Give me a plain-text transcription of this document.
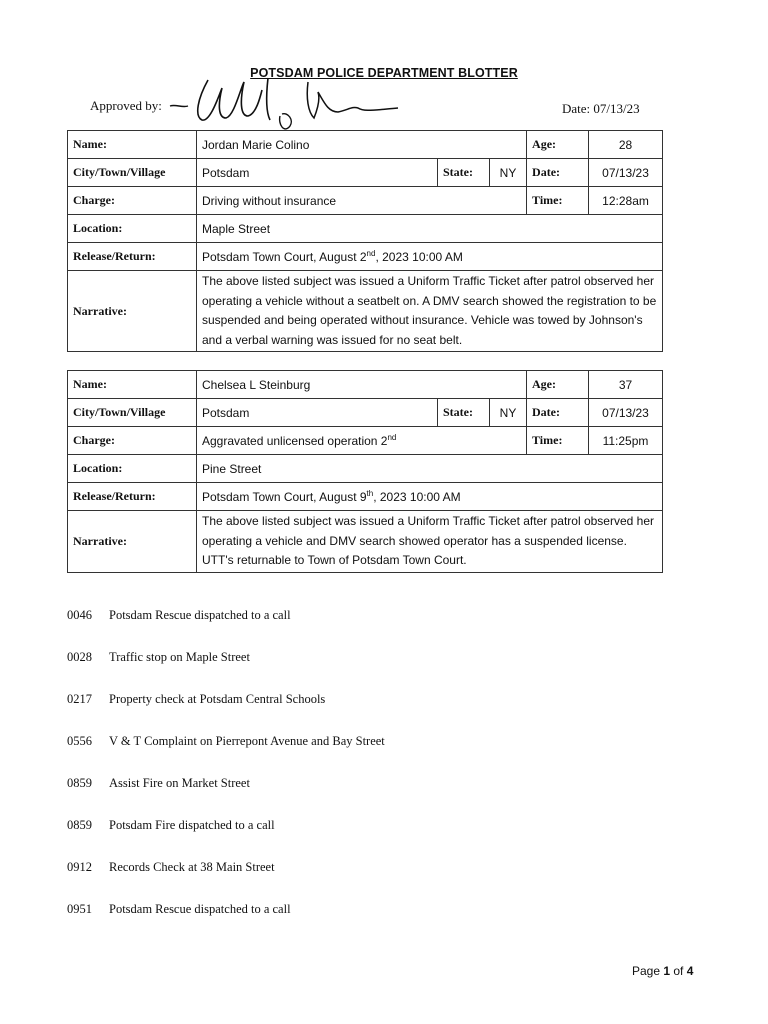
POTSDAM POLICE DEPARTMENT BLOTTER
Approved by:	Date: 07/13/23
Name:	Jordan Marie Colino			Age:	28
City/Town/Village	Potsdam	State:	NY	Date:	07/13/23
Charge:	Driving without insurance			Time:	12:28am
Location:	Maple Street				
Release/Return:	Potsdam Town Court, August 2nd, 2023 10:00 AM				
Narrative:	The above listed subject was issued a Uniform Traffic Ticket after patrol observed her operating a vehicle without a seatbelt on. A DMV search showed the registration to be suspended and being operated without insurance. Vehicle was towed by Johnson's and a verbal warning was issued for no seat belt.				
Name:	Chelsea L Steinburg			Age:	37
City/Town/Village	Potsdam	State:	NY	Date:	07/13/23
Charge:	Aggravated unlicensed operation 2nd			Time:	11:25pm
Location:	Pine Street				
Release/Return:	Potsdam Town Court, August 9th, 2023 10:00 AM				
Narrative:	The above listed subject was issued a Uniform Traffic Ticket after patrol observed her operating a vehicle and DMV search showed operator has a suspended license. UTT's returnable to Town of Potsdam Town Court.				
0046	Potsdam Rescue dispatched to a call
0028	Traffic stop on Maple Street
0217	Property check at Potsdam Central Schools
0556	V & T Complaint on Pierrepont Avenue and Bay Street
0859	Assist Fire on Market Street
0859	Potsdam Fire dispatched to a call
0912	Records Check at 38 Main Street
0951	Potsdam Rescue dispatched to a call
Page 1 of 4
